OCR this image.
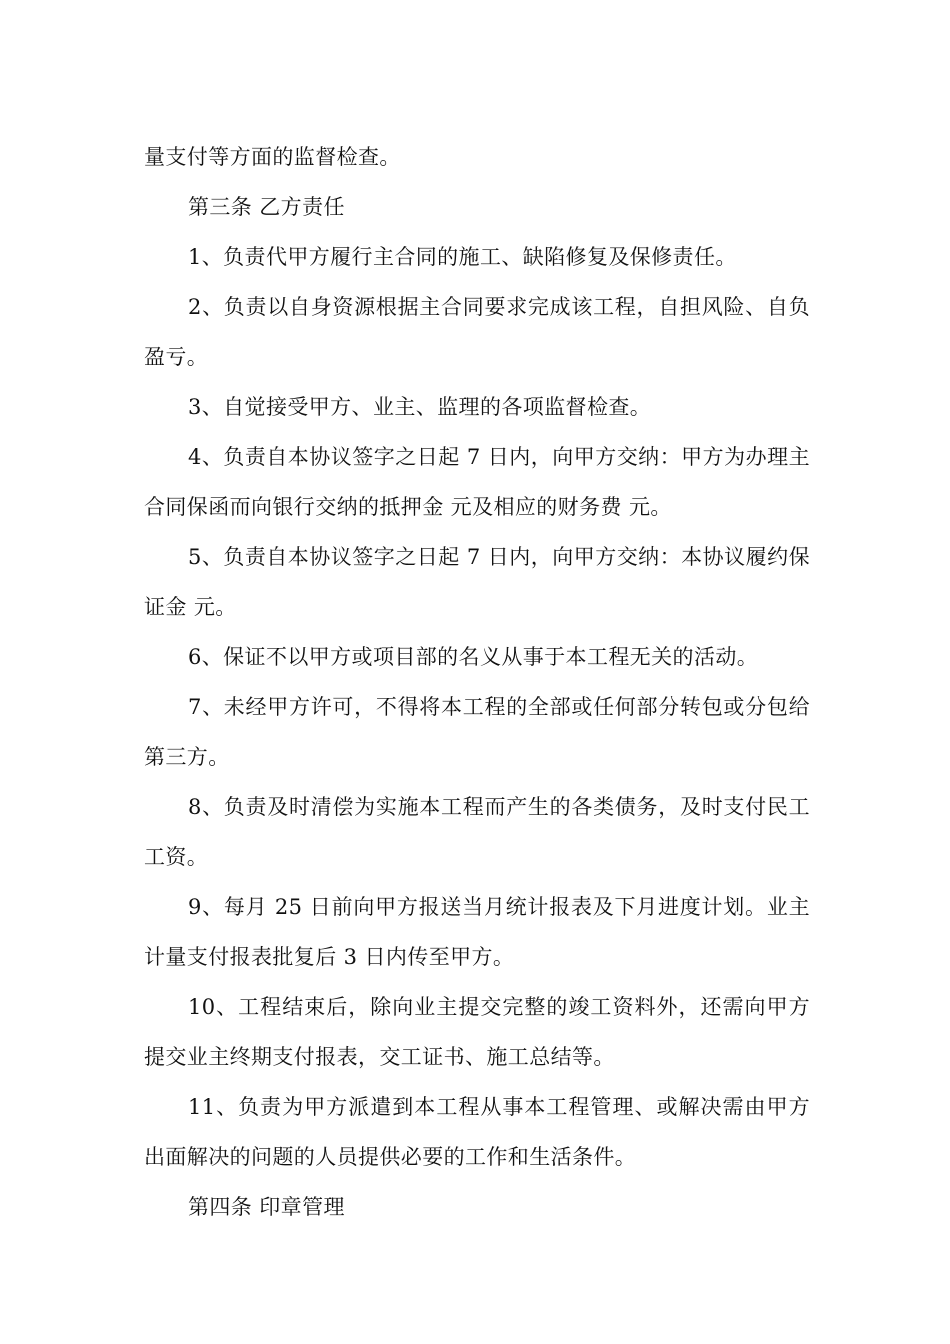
量支付等方面的监督检查。

第三条 乙方责任

1、负责代甲方履行主合同的施工、缺陷修复及保修责任。

2、负责以自身资源根据主合同要求完成该工程，自担风险、自负盈亏。

3、自觉接受甲方、业主、监理的各项监督检查。

4、负责自本协议签字之日起 7 日内，向甲方交纳：甲方为办理主合同保函而向银行交纳的抵押金 元及相应的财务费 元。

5、负责自本协议签字之日起 7 日内，向甲方交纳：本协议履约保证金 元。

6、保证不以甲方或项目部的名义从事于本工程无关的活动。

7、未经甲方许可，不得将本工程的全部或任何部分转包或分包给第三方。

8、负责及时清偿为实施本工程而产生的各类债务，及时支付民工工资。

9、每月 25 日前向甲方报送当月统计报表及下月进度计划。业主计量支付报表批复后 3 日内传至甲方。

10、工程结束后，除向业主提交完整的竣工资料外，还需向甲方提交业主终期支付报表，交工证书、施工总结等。

11、负责为甲方派遣到本工程从事本工程管理、或解决需由甲方出面解决的问题的人员提供必要的工作和生活条件。

第四条 印章管理
